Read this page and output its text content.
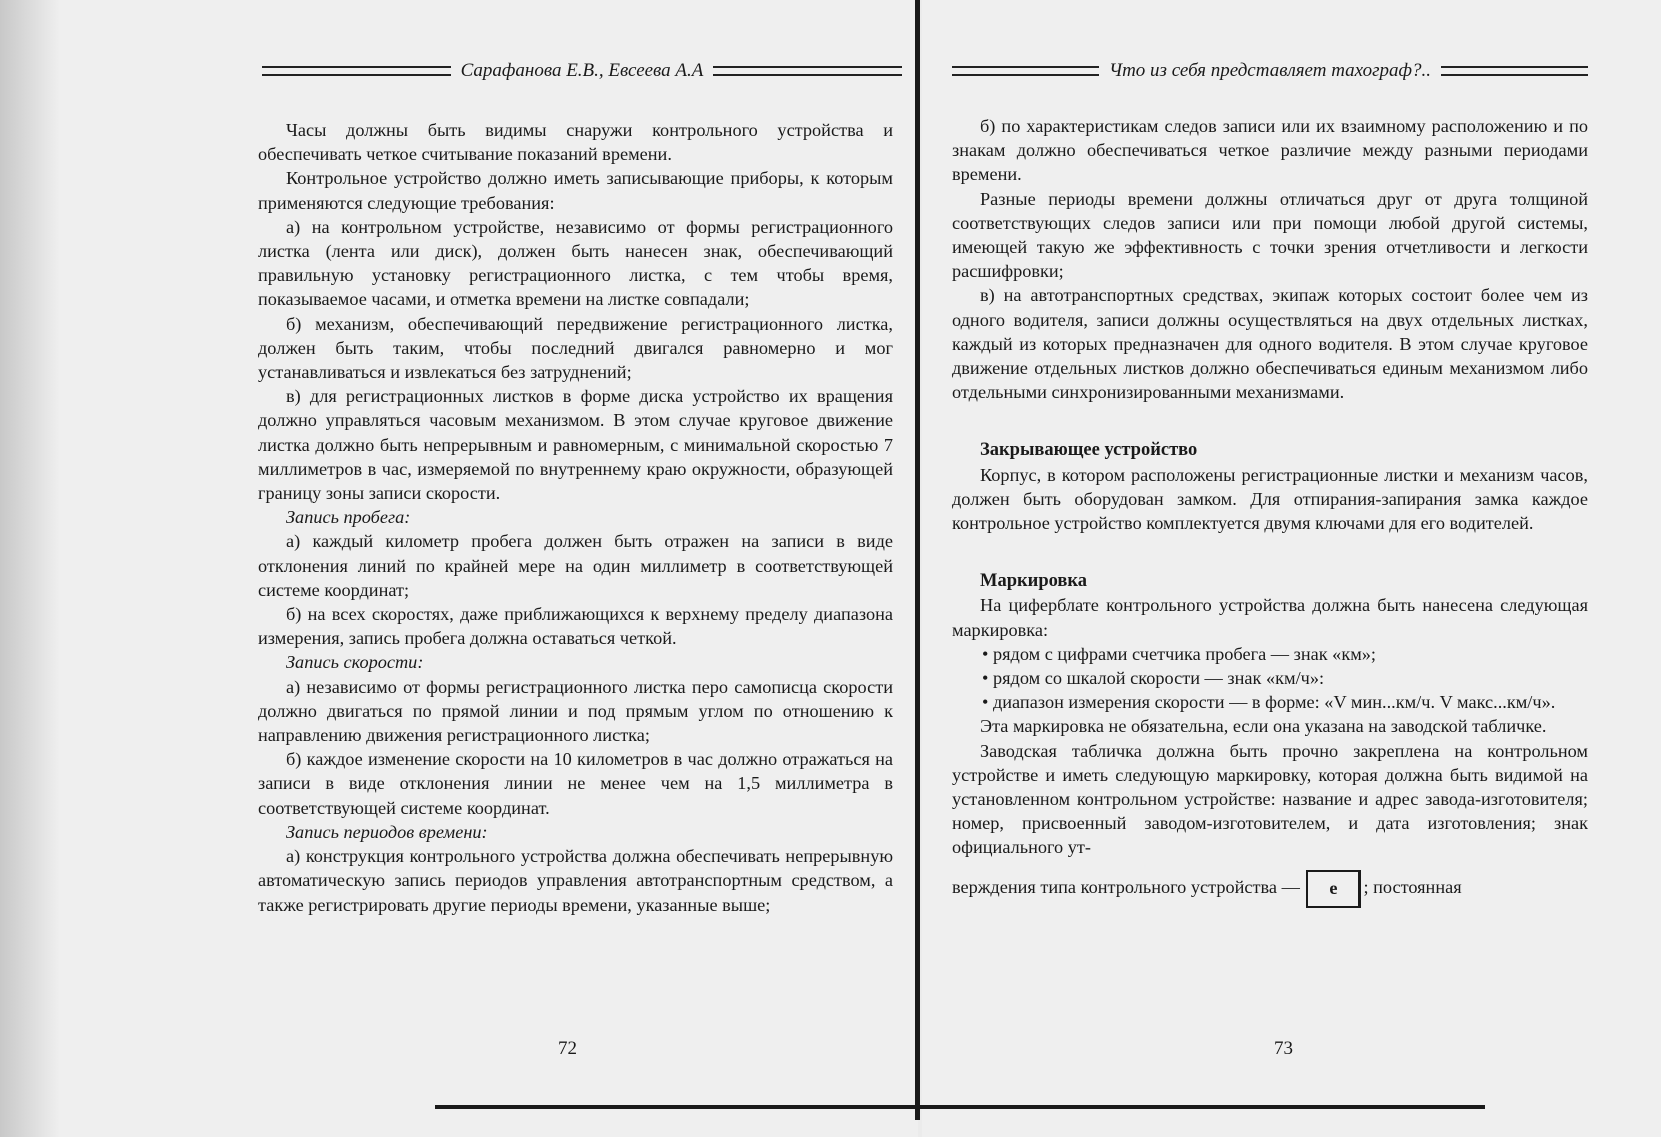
Сарафанова Е.В., Евсеева А.А

Часы должны быть видимы снаружи контрольного устройства и обеспечивать четкое считывание показаний времени.

Контрольное устройство должно иметь записывающие приборы, к которым применяются следующие требования:

а) на контрольном устройстве, независимо от формы регистрационного листка (лента или диск), должен быть нанесен знак, обеспечивающий правильную установку регистрационного листка, с тем чтобы время, показываемое часами, и отметка времени на листке совпадали;

б) механизм, обеспечивающий передвижение регистрационного листка, должен быть таким, чтобы последний двигался равномерно и мог устанавливаться и извлекаться без затруднений;

в) для регистрационных листков в форме диска устройство их вращения должно управляться часовым механизмом. В этом случае круговое движение листка должно быть непрерывным и равномерным, с минимальной скоростью 7 миллиметров в час, измеряемой по внутреннему краю окружности, образующей границу зоны записи скорости.

Запись пробега:

а) каждый километр пробега должен быть отражен на записи в виде отклонения линий по крайней мере на один миллиметр в соответствующей системе координат;

б) на всех скоростях, даже приближающихся к верхнему пределу диапазона измерения, запись пробега должна оставаться четкой.

Запись скорости:

а) независимо от формы регистрационного листка перо самописца скорости должно двигаться по прямой линии и под прямым углом по отношению к направлению движения регистрационного листка;

б) каждое изменение скорости на 10 километров в час должно отражаться на записи в виде отклонения линии не менее чем на 1,5 миллиметра в соответствующей системе координат.

Запись периодов времени:

а) конструкция контрольного устройства должна обеспечивать непрерывную автоматическую запись периодов управления автотранспортным средством, а также регистрировать другие периоды времени, указанные выше;

72
Что из себя представляет тахограф?..

б) по характеристикам следов записи или их взаимному расположению и по знакам должно обеспечиваться четкое различие между разными периодами времени.

Разные периоды времени должны отличаться друг от друга толщиной соответствующих следов записи или при помощи любой другой системы, имеющей такую же эффективность с точки зрения отчетливости и легкости расшифровки;

в) на автотранспортных средствах, экипаж которых состоит более чем из одного водителя, записи должны осуществляться на двух отдельных листках, каждый из которых предназначен для одного водителя. В этом случае круговое движение отдельных листков должно обеспечиваться единым механизмом либо отдельными синхронизированными механизмами.

Закрывающее устройство

Корпус, в котором расположены регистрационные листки и механизм часов, должен быть оборудован замком. Для отпирания-запирания замка каждое контрольное устройство комплектуется двумя ключами для его водителей.

Маркировка

На циферблате контрольного устройства должна быть нанесена следующая маркировка:

• рядом с цифрами счетчика пробега — знак «км»;

• рядом со шкалой скорости — знак «км/ч»:

• диапазон измерения скорости — в форме: «V мин...км/ч. V макс...км/ч».

Эта маркировка не обязательна, если она указана на заводской табличке.

Заводская табличка должна быть прочно закреплена на контрольном устройстве и иметь следующую маркировку, которая должна быть видимой на установленном контрольном устройстве: название и адрес завода-изготовителя; номер, присвоенный заводом-изготовителем, и дата изготовления; знак официального ут-

верждения типа контрольного устройства — e ; постоянная
73
